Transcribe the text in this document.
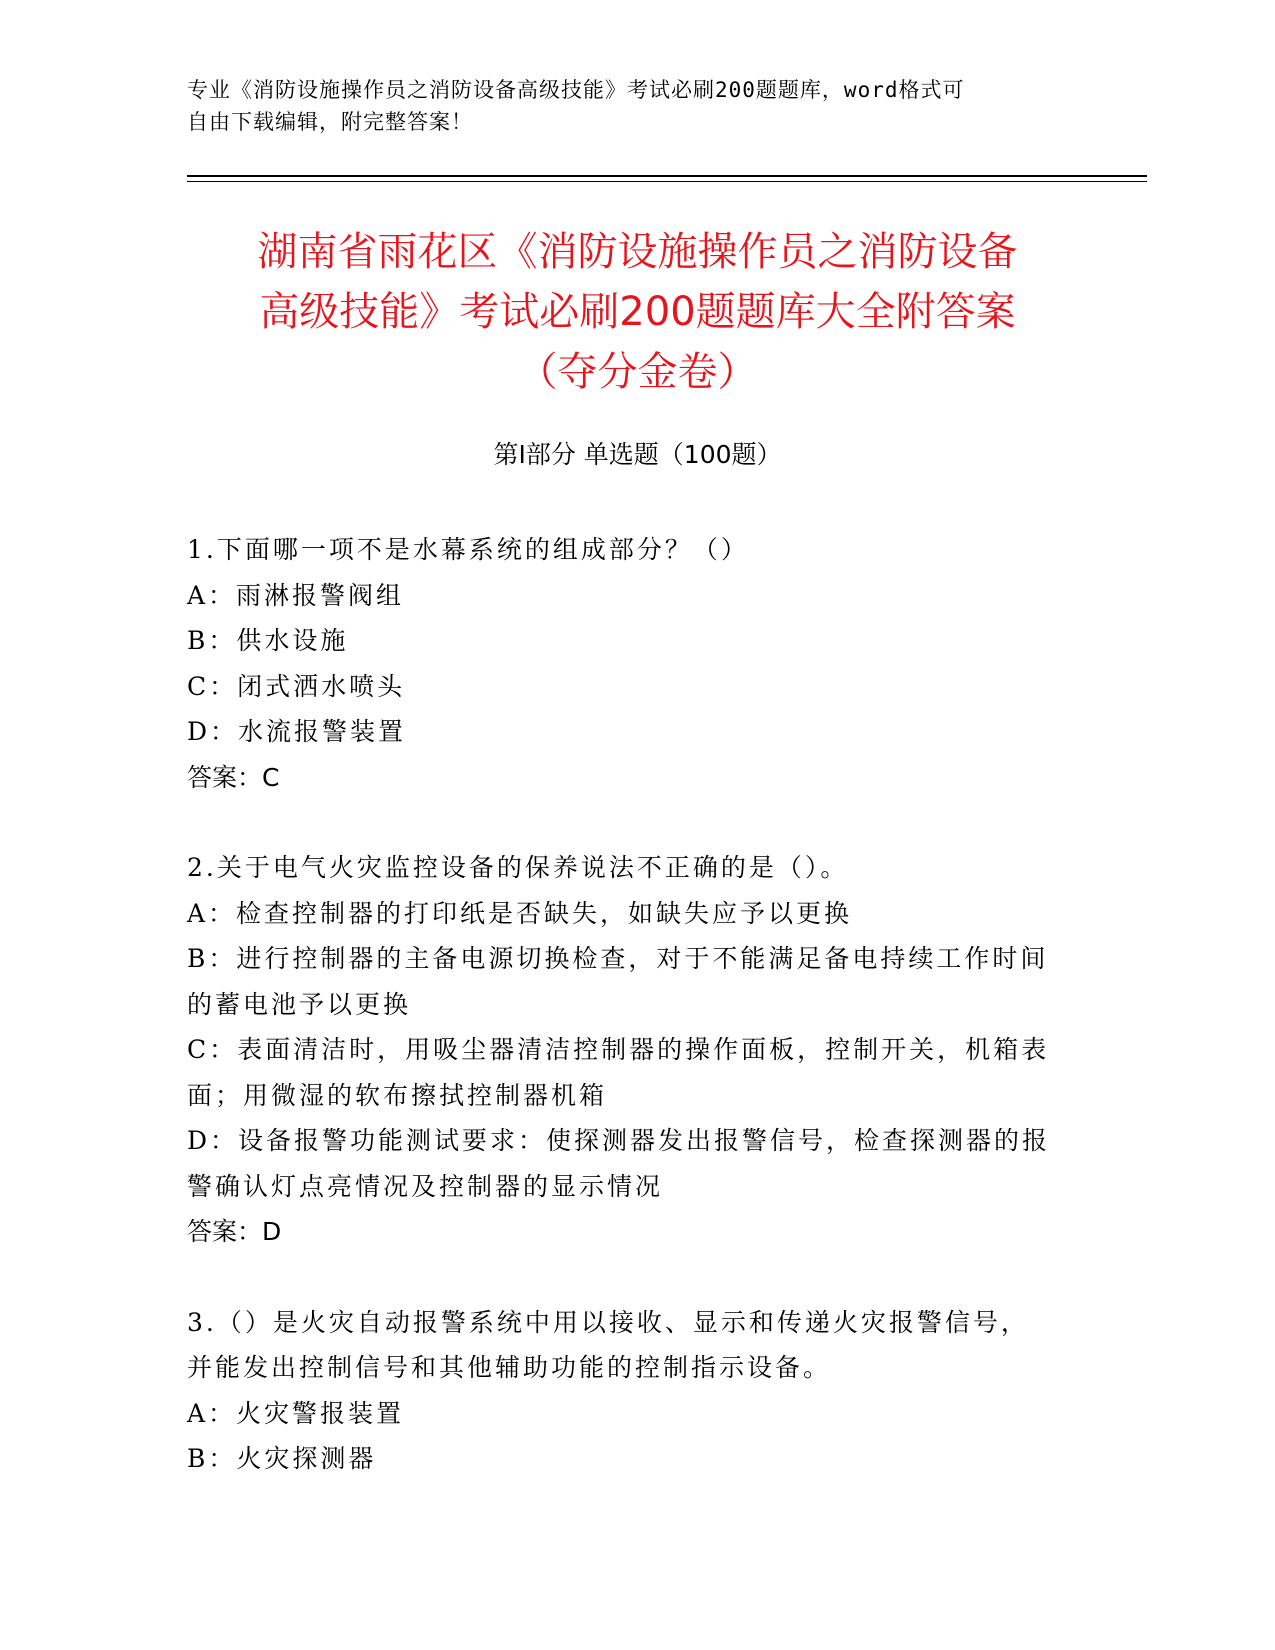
专业《消防设施操作员之消防设备高级技能》考试必刷200题题库，word格式可
自由下载编辑，附完整答案！
湖南省雨花区《消防设施操作员之消防设备
高级技能》考试必刷200题题库大全附答案
（夺分金卷）
第Ⅰ部分 单选题（100题）
1.下面哪一项不是水幕系统的组成部分？（）
A：雨淋报警阀组
B：供水设施
C：闭式洒水喷头
D：水流报警装置
答案：C
2.关于电气火灾监控设备的保养说法不正确的是（）。
A：检查控制器的打印纸是否缺失，如缺失应予以更换
B：进行控制器的主备电源切换检查，对于不能满足备电持续工作时间
的蓄电池予以更换
C：表面清洁时，用吸尘器清洁控制器的操作面板，控制开关，机箱表
面；用微湿的软布擦拭控制器机箱
D：设备报警功能测试要求：使探测器发出报警信号，检查探测器的报
警确认灯点亮情况及控制器的显示情况
答案：D
3.（）是火灾自动报警系统中用以接收、显示和传递火灾报警信号，
并能发出控制信号和其他辅助功能的控制指示设备。
A：火灾警报装置
B：火灾探测器
